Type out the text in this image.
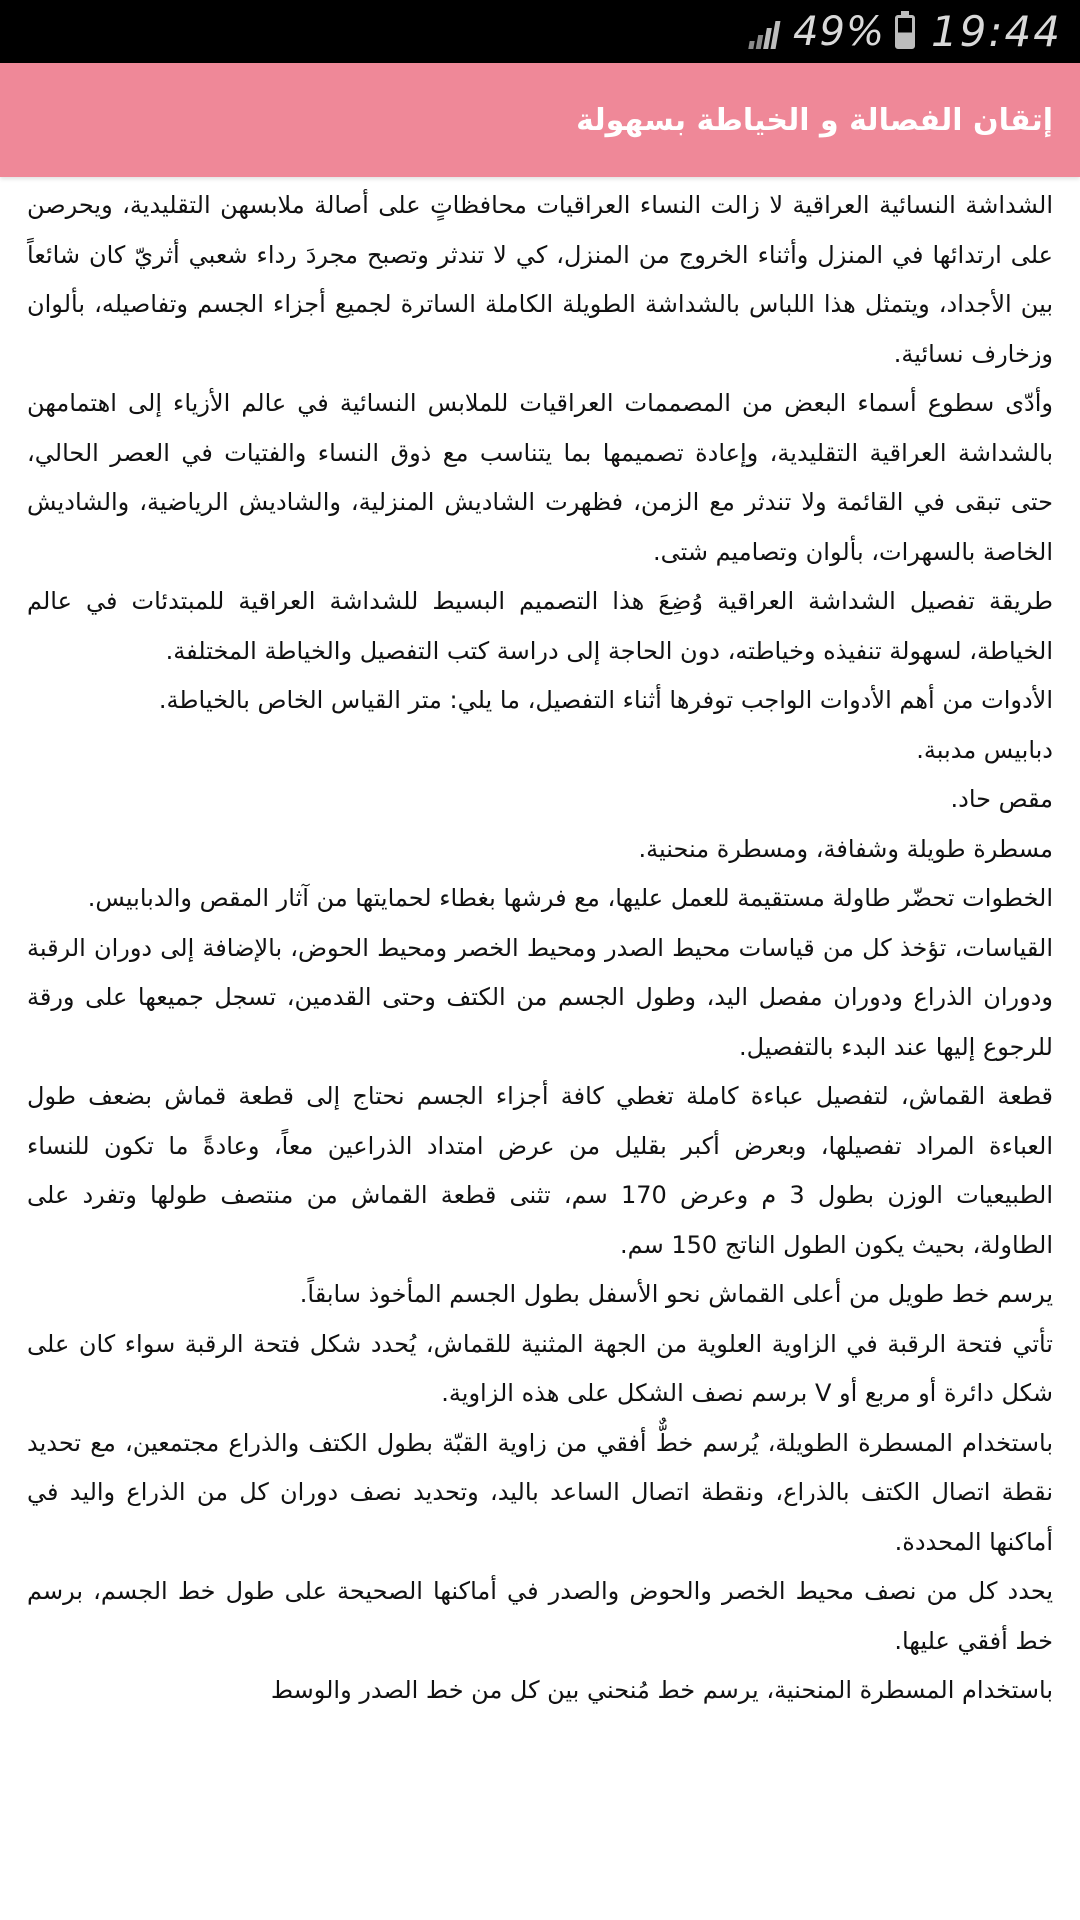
49% 19:44
إتقان الفصالة و الخياطة بسهولة

الشداشة النسائية العراقية لا زالت النساء العراقيات محافظاتٍ على أصالة ملابسهن التقليدية، ويحرصن على ارتدائها في المنزل وأثناء الخروج من المنزل، كي لا تندثر وتصبح مجردَ رداء شعبي أثريّ كان شائعاً بين الأجداد، ويتمثل هذا اللباس بالشداشة الطويلة الكاملة الساترة لجميع أجزاء الجسم وتفاصيله، بألوان وزخارف نسائية.

وأدّى سطوع أسماء البعض من المصممات العراقيات للملابس النسائية في عالم الأزياء إلى اهتمامهن بالشداشة العراقية التقليدية، وإعادة تصميمها بما يتناسب مع ذوق النساء والفتيات في العصر الحالي، حتى تبقى في القائمة ولا تندثر مع الزمن، فظهرت الشاديش المنزلية، والشاديش الرياضية، والشاديش الخاصة بالسهرات، بألوان وتصاميم شتى.

طريقة تفصيل الشداشة العراقية وُضِعَ هذا التصميم البسيط للشداشة العراقية للمبتدئات في عالم الخياطة، لسهولة تنفيذه وخياطته، دون الحاجة إلى دراسة كتب التفصيل والخياطة المختلفة.

الأدوات من أهم الأدوات الواجب توفرها أثناء التفصيل، ما يلي: متر القياس الخاص بالخياطة.

دبابيس مدببة.

مقص حاد.

مسطرة طويلة وشفافة، ومسطرة منحنية.

الخطوات تحضّر طاولة مستقيمة للعمل عليها، مع فرشها بغطاء لحمايتها من آثار المقص والدبابيس.

القياسات، تؤخذ كل من قياسات محيط الصدر ومحيط الخصر ومحيط الحوض، بالإضافة إلى دوران الرقبة ودوران الذراع ودوران مفصل اليد، وطول الجسم من الكتف وحتى القدمين، تسجل جميعها على ورقة للرجوع إليها عند البدء بالتفصيل.

قطعة القماش، لتفصيل عباءة كاملة تغطي كافة أجزاء الجسم نحتاج إلى قطعة قماش بضعف طول العباءة المراد تفصيلها، وبعرض أكبر بقليل من عرض امتداد الذراعين معاً، وعادةً ما تكون للنساء الطبيعيات الوزن بطول 3 م وعرض 170 سم، تثنى قطعة القماش من منتصف طولها وتفرد على الطاولة، بحيث يكون الطول الناتج 150 سم.

يرسم خط طويل من أعلى القماش نحو الأسفل بطول الجسم المأخوذ سابقاً.

تأتي فتحة الرقبة في الزاوية العلوية من الجهة المثنية للقماش، يُحدد شكل فتحة الرقبة سواء كان على شكل دائرة أو مربع أو V برسم نصف الشكل على هذه الزاوية.

باستخدام المسطرة الطويلة، يُرسم خطٌّ أفقي من زاوية القبّة بطول الكتف والذراع مجتمعين، مع تحديد نقطة اتصال الكتف بالذراع، ونقطة اتصال الساعد باليد، وتحديد نصف دوران كل من الذراع واليد في أماكنها المحددة.

يحدد كل من نصف محيط الخصر والحوض والصدر في أماكنها الصحيحة على طول خط الجسم، برسم خط أفقي عليها.

باستخدام المسطرة المنحنية، يرسم خط مُنحني بين كل من خط الصدر والوسط
